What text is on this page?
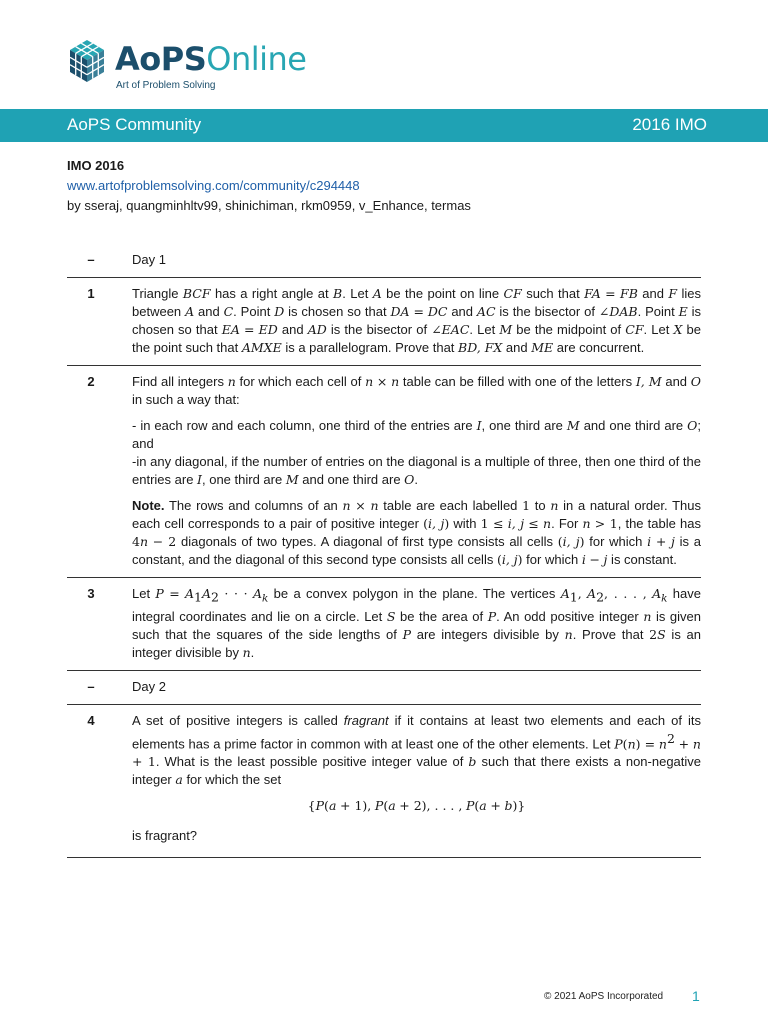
AoPSOnline
Art of Problem Solving
AoPS Community	2016 IMO
IMO 2016
www.artofproblemsolving.com/community/c294448
by sseraj, quangminhltv99, shinichiman, rkm0959, v_Enhance, termas
–	Day 1
1	Triangle BCF has a right angle at B. Let A be the point on line CF such that FA = FB and F lies between A and C. Point D is chosen so that DA = DC and AC is the bisector of ∠DAB. Point E is chosen so that EA = ED and AD is the bisector of ∠EAC. Let M be the midpoint of CF. Let X be the point such that AMXE is a parallelogram. Prove that BD, FX and ME are concurrent.
2	Find all integers n for which each cell of n × n table can be filled with one of the letters I, M and O in such a way that:

- in each row and each column, one third of the entries are I, one third are M and one third are O; and
-in any diagonal, if the number of entries on the diagonal is a multiple of three, then one third of the entries are I, one third are M and one third are O.

Note. The rows and columns of an n × n table are each labelled 1 to n in a natural order. Thus each cell corresponds to a pair of positive integer (i, j) with 1 ≤ i, j ≤ n. For n > 1, the table has 4n − 2 diagonals of two types. A diagonal of first type consists all cells (i, j) for which i + j is a constant, and the diagonal of this second type consists all cells (i, j) for which i − j is constant.

3	Let $P = A_1A_2$ · · · $A_k$ be a convex polygon in the plane. The vertices $A_1$, $A_2$, . . . , $A_k$ have integral coordinates and lie on a circle. Let S be the area of P. An odd positive integer n is given such that the squares of the side lengths of P are integers divisible by n. Prove that 2S is an integer divisible by n.
–	Day 2
4	A set of positive integers is called fragrant if it contains at least two elements and each of its elements has a prime factor in common with at least one of the other elements. Let $P(n) = n^2 + n + 1$. What is the least possible positive integer value of b such that there exists a non-negative integer a for which the set

{P(a + 1), P(a + 2), . . . , P(a + b)}

is fragrant?

© 2021 AoPS Incorporated 1
